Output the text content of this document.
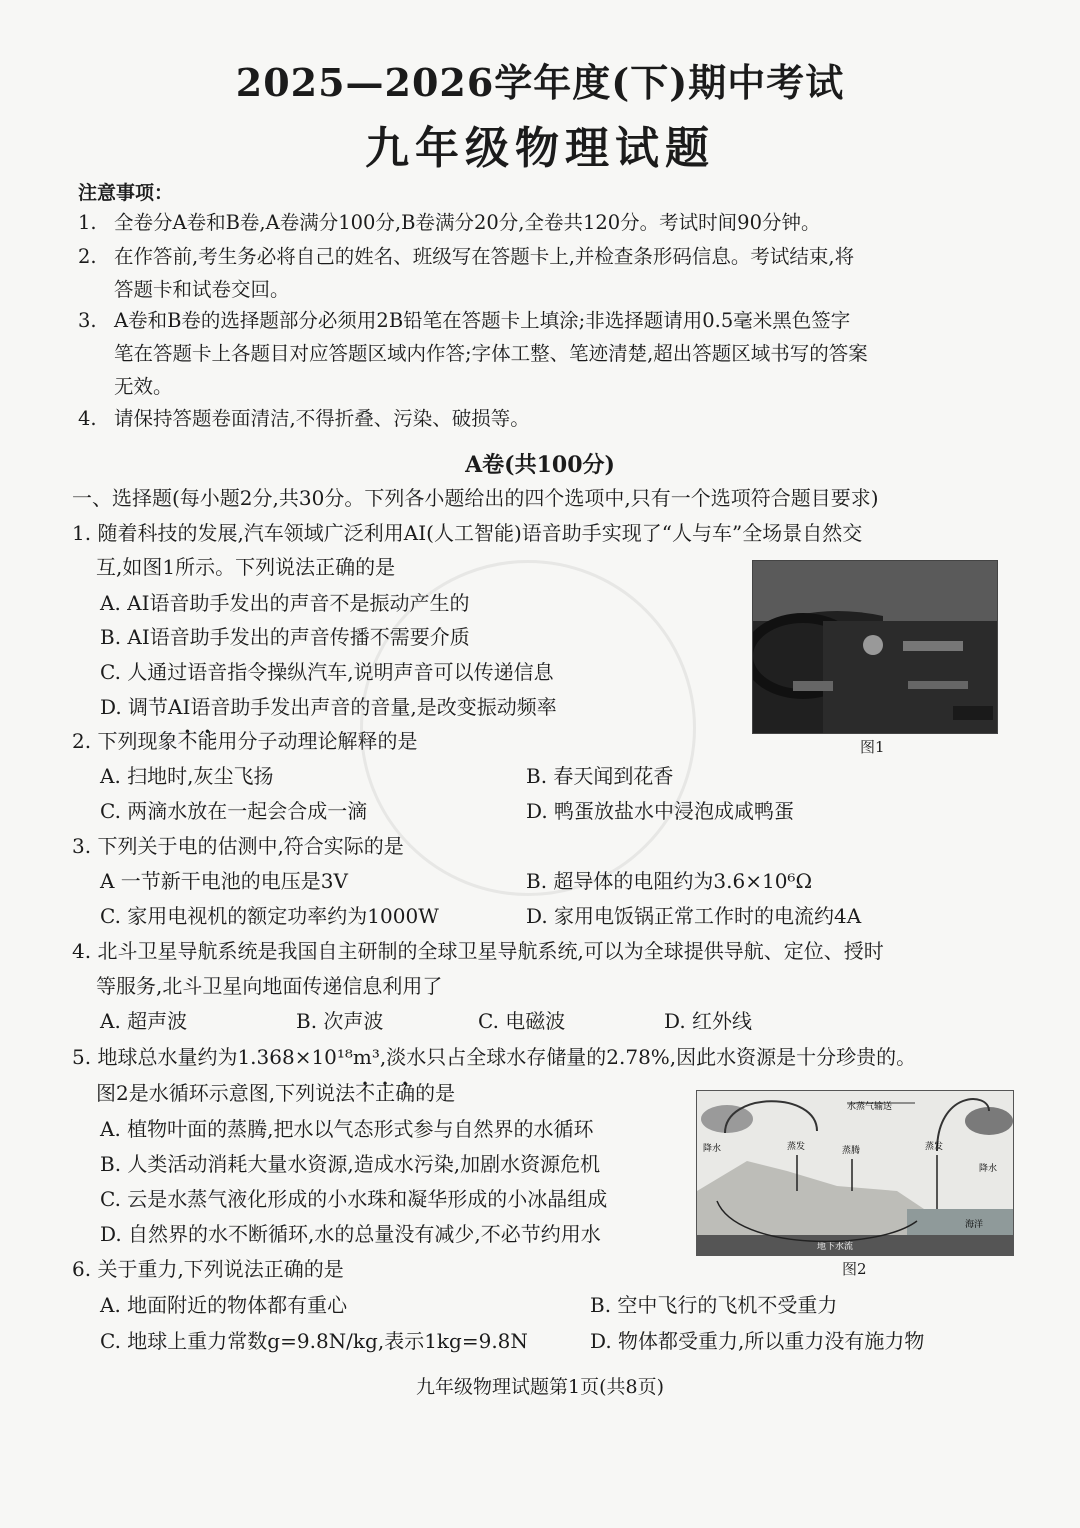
2025—2026学年度(下)期中考试
九年级物理试题
注意事项：
1. 全卷分A卷和B卷,A卷满分100分,B卷满分20分,全卷共120分。考试时间90分钟。
2. 在作答前,考生务必将自己的姓名、班级写在答题卡上,并检查条形码信息。考试结束,将
答题卡和试卷交回。
3. A卷和B卷的选择题部分必须用2B铅笔在答题卡上填涂;非选择题请用0.5毫米黑色签字
笔在答题卡上各题目对应答题区域内作答;字体工整、笔迹清楚,超出答题区域书写的答案
无效。
4. 请保持答题卷面清洁,不得折叠、污染、破损等。
A卷(共100分)
一、选择题(每小题2分,共30分。下列各小题给出的四个选项中,只有一个选项符合题目要求)
1. 随着科技的发展,汽车领域广泛利用AI(人工智能)语音助手实现了“人与车”全场景自然交
互,如图1所示。下列说法正确的是
A. AI语音助手发出的声音不是振动产生的
B. AI语音助手发出的声音传播不需要介质
C. 人通过语音指令操纵汽车,说明声音可以传递信息
D. 调节AI语音助手发出声音的音量,是改变振动频率
图1
2. 下列现象不能用分子动理论解释的是
A. 扫地时,灰尘飞扬	B. 春天闻到花香
C. 两滴水放在一起会合成一滴	D. 鸭蛋放盐水中浸泡成咸鸭蛋
3. 下列关于电的估测中,符合实际的是
A 一节新干电池的电压是3V	B. 超导体的电阻约为3.6×10⁶Ω
C. 家用电视机的额定功率约为1000W	D. 家用电饭锅正常工作时的电流约4A
4. 北斗卫星导航系统是我国自主研制的全球卫星导航系统,可以为全球提供导航、定位、授时
等服务,北斗卫星向地面传递信息利用了
A. 超声波	B. 次声波	C. 电磁波	D. 红外线
5. 地球总水量约为1.368×10¹⁸m³,淡水只占全球水存储量的2.78%,因此水资源是十分珍贵的。
图2是水循环示意图,下列说法不正确的是
A. 植物叶面的蒸腾,把水以气态形式参与自然界的水循环
B. 人类活动消耗大量水资源,造成水污染,加剧水资源危机
C. 云是水蒸气液化形成的小水珠和凝华形成的小冰晶组成
D. 自然界的水不断循环,水的总量没有减少,不必节约用水
水蒸气输送
降水	蒸发	蒸腾	蒸发
降水
海洋
地下水流
图2
6. 关于重力,下列说法正确的是
A. 地面附近的物体都有重心	B. 空中飞行的飞机不受重力
C. 地球上重力常数g=9.8N/kg,表示1kg=9.8N	D. 物体都受重力,所以重力没有施力物
九年级物理试题第1页(共8页)
